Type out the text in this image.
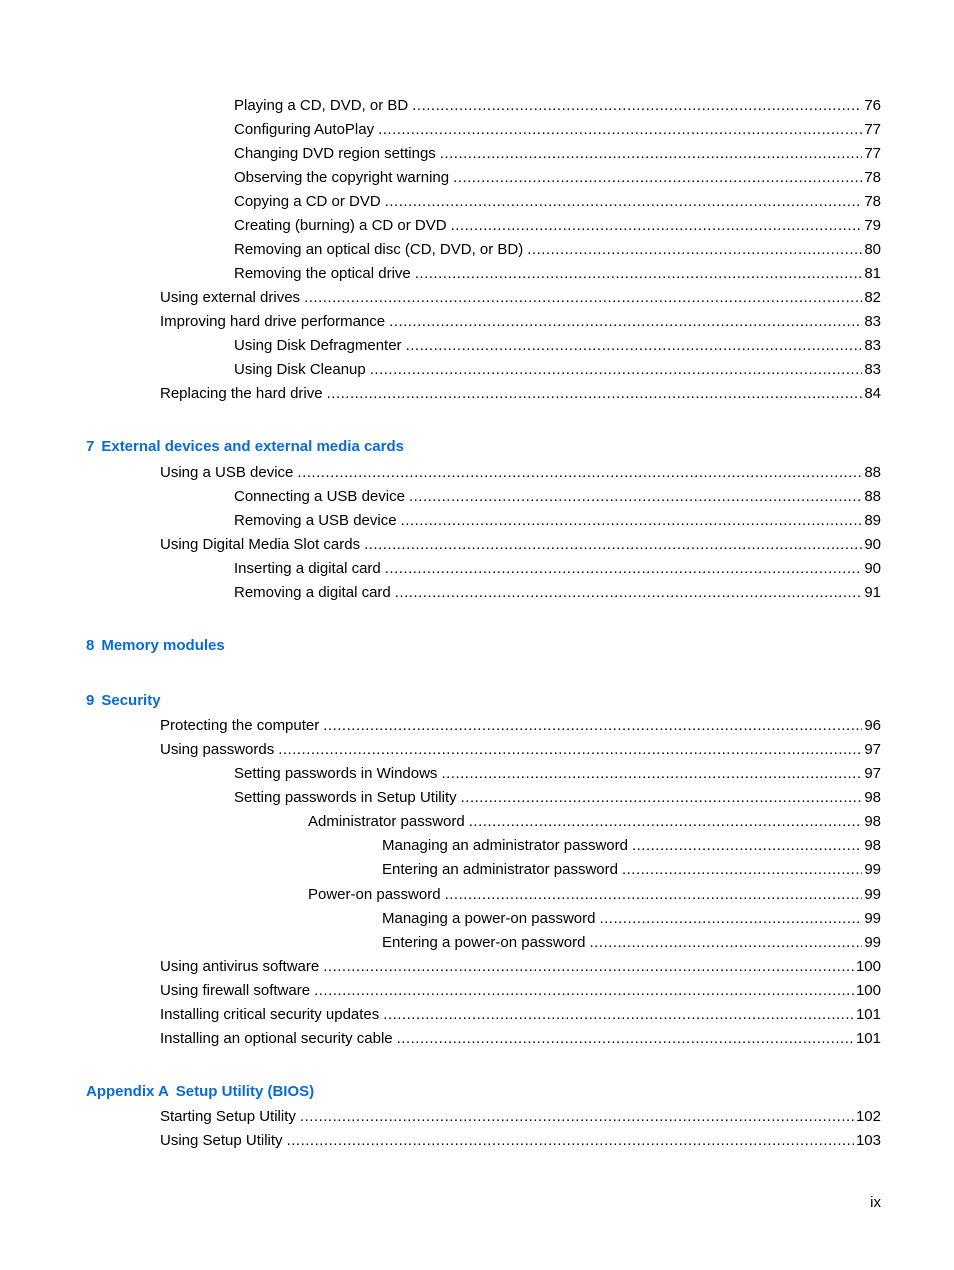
Playing a CD, DVD, or BD .....	76
Configuring AutoPlay .....	77
Changing DVD region settings .....	77
Observing the copyright warning .....	78
Copying a CD or DVD .....	78
Creating (burning) a CD or DVD .....	79
Removing an optical disc (CD, DVD, or BD) .....	80
Removing the optical drive .....	81
Using external drives .....	82
Improving hard drive performance .....	83
Using Disk Defragmenter .....	83
Using Disk Cleanup .....	83
Replacing the hard drive .....	84
7 External devices and external media cards
Using a USB device .....	88
Connecting a USB device .....	88
Removing a USB device .....	89
Using Digital Media Slot cards .....	90
Inserting a digital card .....	90
Removing a digital card .....	91
8 Memory modules
9 Security
Protecting the computer .....	96
Using passwords .....	97
Setting passwords in Windows .....	97
Setting passwords in Setup Utility .....	98
Administrator password .....	98
Managing an administrator password .....	98
Entering an administrator password .....	99
Power-on password .....	99
Managing a power-on password .....	99
Entering a power-on password .....	99
Using antivirus software .....	100
Using firewall software .....	100
Installing critical security updates .....	101
Installing an optional security cable .....	101
Appendix A Setup Utility (BIOS)
Starting Setup Utility .....	102
Using Setup Utility .....	103
ix
